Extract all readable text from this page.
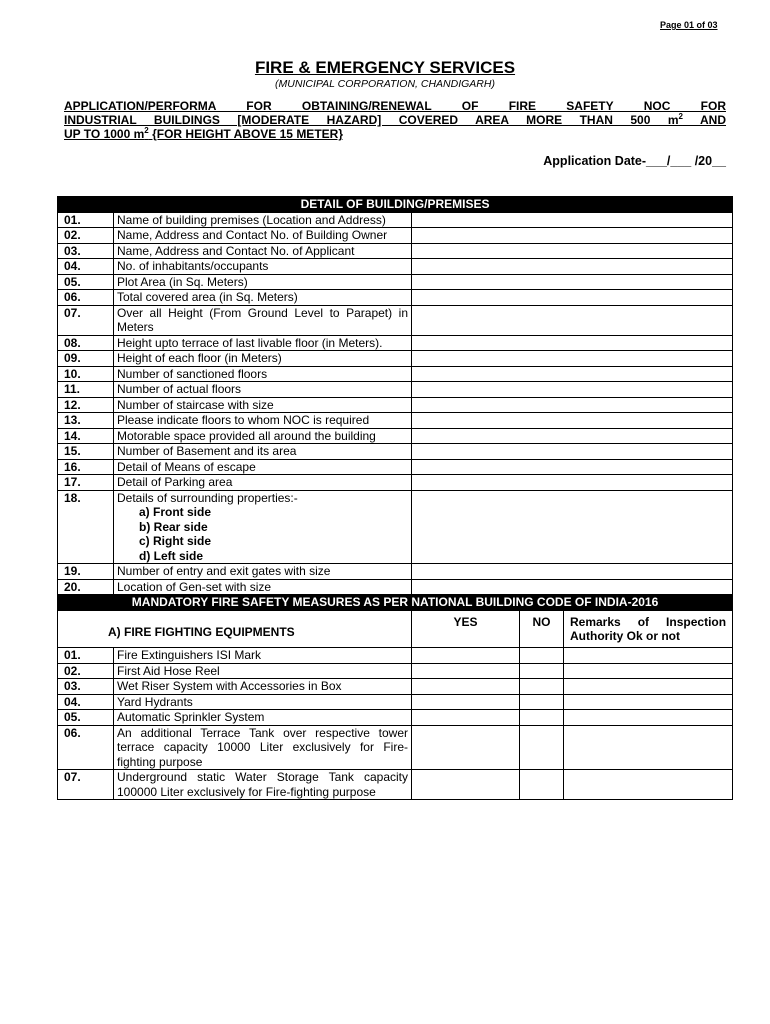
Page 01 of 03
FIRE & EMERGENCY SERVICES
(MUNICIPAL CORPORATION, CHANDIGARH)
APPLICATION/PERFORMA FOR OBTAINING/RENEWAL OF FIRE SAFETY NOC FOR
INDUSTRIAL BUILDINGS [MODERATE HAZARD] COVERED AREA MORE THAN 500 $m^2$ AND
UP TO 1000 $m^2$ {FOR HEIGHT ABOVE 15 METER}
Application Date-___/___ /20__
DETAIL OF BUILDING/PREMISES				
01.	Name of building premises (Location and Address)			
02.	Name, Address and Contact No. of Building Owner			
03.	Name, Address and Contact No. of Applicant			
04.	No. of inhabitants/occupants			
05.	Plot Area (in Sq. Meters)			
06.	Total covered area (in Sq. Meters)			
07.	Over all Height (From Ground Level to Parapet) in Meters			
08.	Height upto terrace of last livable floor (in Meters).			
09.	Height of each floor (in Meters)			
10.	Number of sanctioned floors			
11.	Number of actual floors			
12.	Number of staircase with size			
13.	Please indicate floors to whom NOC is required			
14.	Motorable space provided all around the building			
15.	Number of Basement and its area			
16.	Detail of Means of escape			
17.	Detail of Parking area			
18.	Details of surrounding properties:-
a) Front side
b) Rear side
c) Right side
d) Left side			

19.	Number of entry and exit gates with size			
20.	Location of Gen-set with size			
MANDATORY FIRE SAFETY MEASURES AS PER NATIONAL BUILDING CODE OF INDIA-2016				
A) FIRE FIGHTING EQUIPMENTS		YES	NO	Remarks of Inspection Authority Ok or not
01.	Fire Extinguishers ISI Mark			
02.	First Aid Hose Reel			
03.	Wet Riser System with Accessories in Box			
04.	Yard Hydrants			
05.	Automatic Sprinkler System			
06.	An additional Terrace Tank over respective tower terrace capacity 10000 Liter exclusively for Fire-fighting purpose			
07.	Underground static Water Storage Tank capacity 100000 Liter exclusively for Fire-fighting purpose			
